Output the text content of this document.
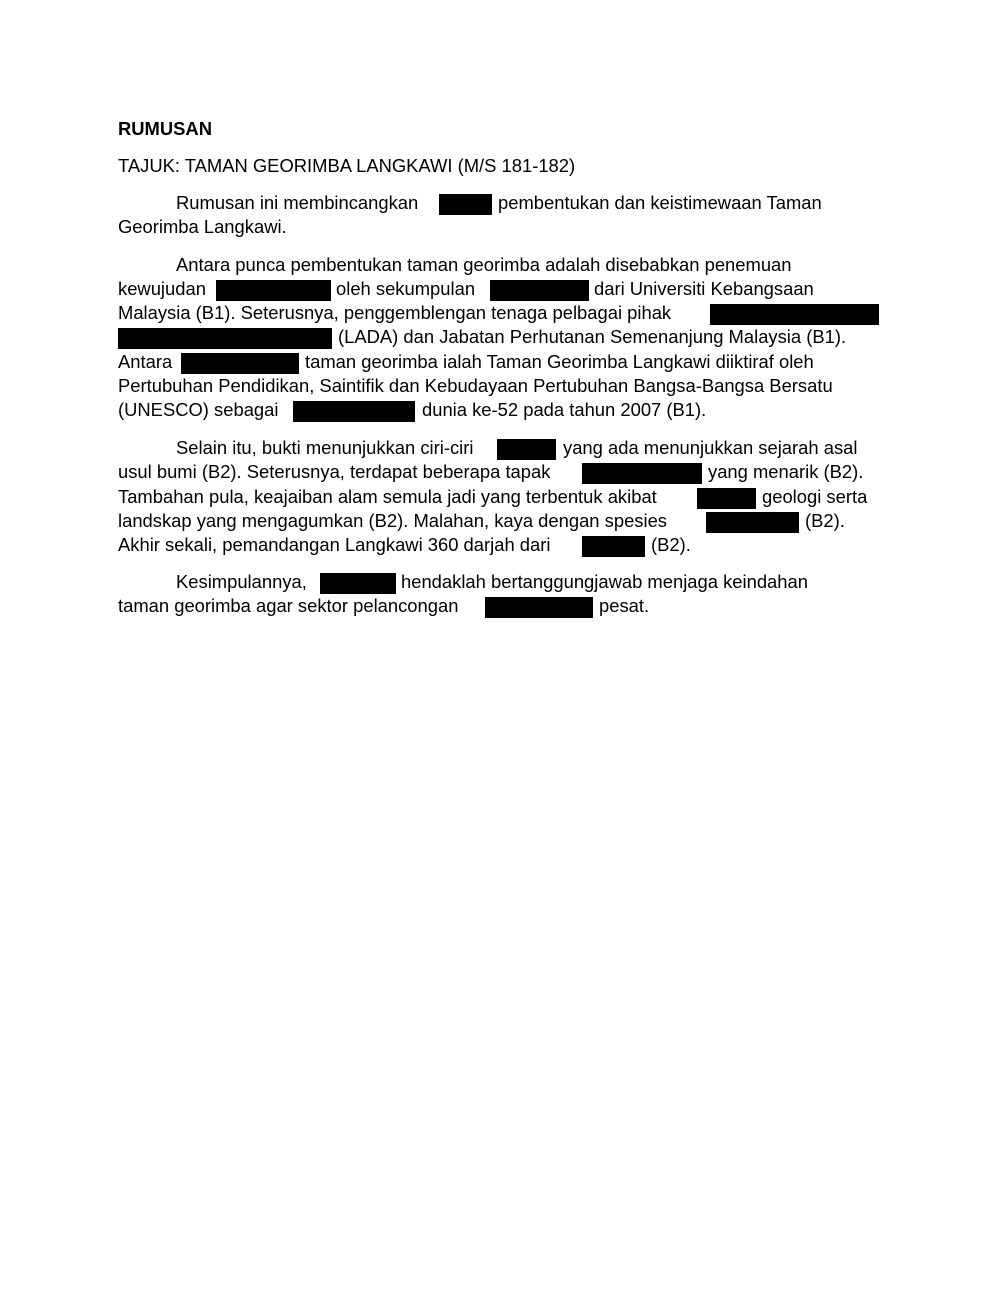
RUMUSAN
TAJUK: TAMAN GEORIMBA LANGKAWI (M/S 181-182)
Rumusan ini membincangkan	pembentukan dan keistimewaan Taman
Georimba Langkawi.
Antara punca pembentukan taman georimba adalah disebabkan penemuan
kewujudan	oleh sekumpulan	dari Universiti Kebangsaan
Malaysia (B1). Seterusnya, penggemblengan tenaga pelbagai pihak
(LADA) dan Jabatan Perhutanan Semenanjung Malaysia (B1).
Antara	taman georimba ialah Taman Georimba Langkawi diiktiraf oleh
Pertubuhan Pendidikan, Saintifik dan Kebudayaan Pertubuhan Bangsa-Bangsa Bersatu
(UNESCO) sebagai	dunia ke-52 pada tahun 2007 (B1).
Selain itu, bukti menunjukkan ciri-ciri	yang ada menunjukkan sejarah asal
usul bumi (B2). Seterusnya, terdapat beberapa tapak	yang menarik (B2).
Tambahan pula, keajaiban alam semula jadi yang terbentuk akibat	geologi serta
landskap yang mengagumkan (B2). Malahan, kaya dengan spesies	(B2).
Akhir sekali, pemandangan Langkawi 360 darjah dari	(B2).
Kesimpulannya,	hendaklah bertanggungjawab menjaga keindahan
taman georimba agar sektor pelancongan	pesat.
